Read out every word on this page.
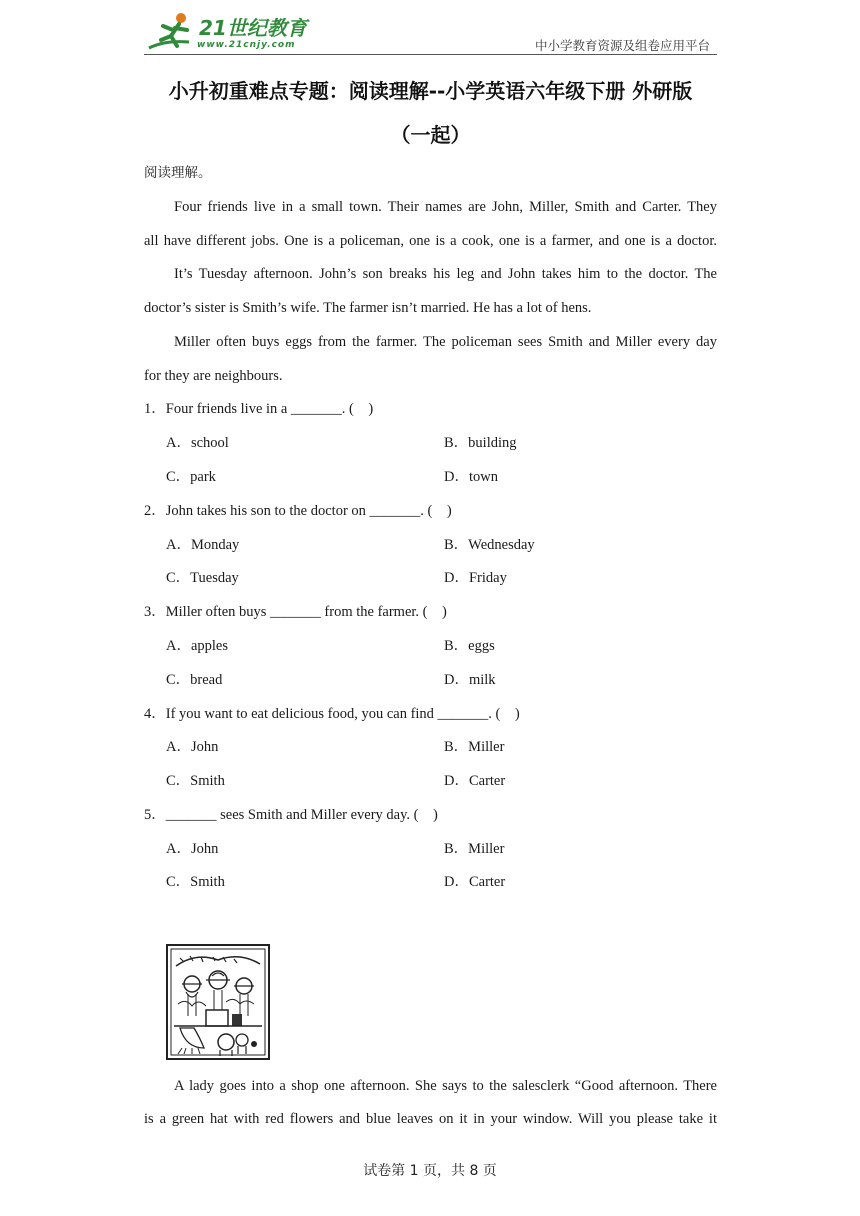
21世纪教育
www.21cnjy.com	中小学教育资源及组卷应用平台
小升初重难点专题：阅读理解--小学英语六年级下册 外研版
（一起）
阅读理解。
Four friends live in a small town. Their names are John, Miller, Smith and Carter. They
all have different jobs. One is a policeman, one is a cook, one is a farmer, and one is a doctor.
It’s Tuesday afternoon. John’s son breaks his leg and John takes him to the doctor. The
doctor’s sister is Smith’s wife. The farmer isn’t married. He has a lot of hens.
Miller often buys eggs from the farmer. The policeman sees Smith and Miller every day
for they are neighbours.
1．Four friends live in a _______. (　)
A．school	B．building
C．park	D．town
2．John takes his son to the doctor on _______. (　)
A．Monday	B．Wednesday
C．Tuesday	D．Friday
3．Miller often buys _______ from the farmer. (　)
A．apples	B．eggs
C．bread	D．milk
4．If you want to eat delicious food, you can find _______. (　)
A．John	B．Miller
C．Smith	D．Carter
5．_______ sees Smith and Miller every day. (　)
A．John	B．Miller
C．Smith	D．Carter
A lady goes into a shop one afternoon. She says to the salesclerk “Good afternoon. There
is a green hat with red flowers and blue leaves on it in your window. Will you please take it
试卷第 1 页，共 8 页
